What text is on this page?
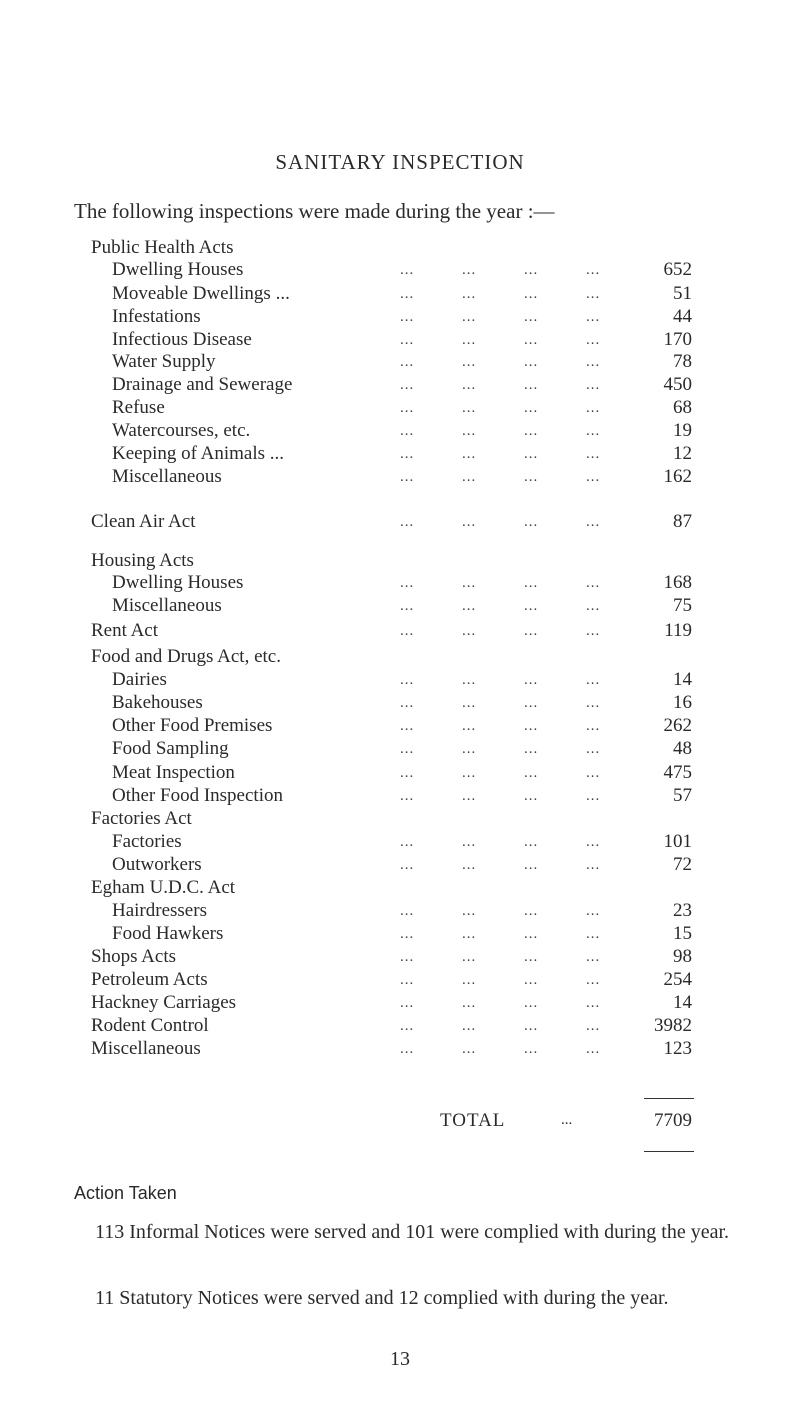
SANITARY INSPECTION
The following inspections were made during the year :—
Public Health Acts
Dwelling Houses	...	...	...	...	652
Moveable Dwellings ...	...	...	...	...	51
Infestations	...	...	...	...	44
Infectious Disease	...	...	...	...	170
Water Supply	...	...	...	...	78
Drainage and Sewerage	...	...	...	...	450
Refuse	...	...	...	...	68
Watercourses, etc.	...	...	...	...	19
Keeping of Animals ...	...	...	...	...	12
Miscellaneous	...	...	...	...	162
Clean Air Act	...	...	...	...	87
Housing Acts
Dwelling Houses	...	...	...	...	168
Miscellaneous	...	...	...	...	75
Rent Act	...	...	...	...	119
Food and Drugs Act, etc.
Dairies	...	...	...	...	14
Bakehouses	...	...	...	...	16
Other Food Premises	...	...	...	...	262
Food Sampling	...	...	...	...	48
Meat Inspection	...	...	...	...	475
Other Food Inspection	...	...	...	...	57
Factories Act
Factories	...	...	...	...	101
Outworkers	...	...	...	...	72
Egham U.D.C. Act
Hairdressers	...	...	...	...	23
Food Hawkers	...	...	...	...	15
Shops Acts	...	...	...	...	98
Petroleum Acts	...	...	...	...	254
Hackney Carriages	...	...	...	...	14
Rodent Control	...	...	...	...	3982
Miscellaneous	...	...	...	...	123
TOTAL	...	7709
Action Taken
113 Informal Notices were served and 101 were complied with during the year.
11 Statutory Notices were served and 12 complied with during the year.
13
